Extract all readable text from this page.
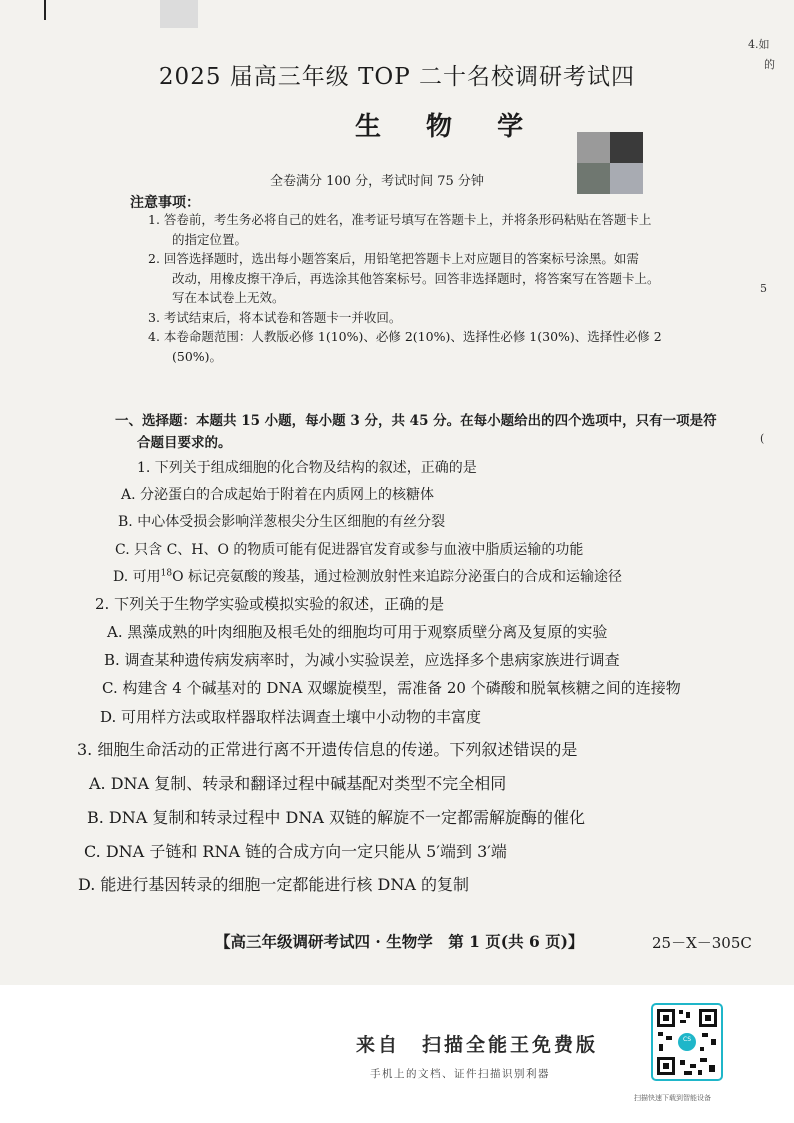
4.如
的
5
(
2025 届高三年级 TOP 二十名校调研考试四
生 物 学
全卷满分 100 分，考试时间 75 分钟
注意事项：

1. 答卷前，考生务必将自己的姓名，准考证号填写在答题卡上，并将条形码粘贴在答题卡上
的指定位置。

2. 回答选择题时，选出每小题答案后，用铅笔把答题卡上对应题目的答案标号涂黑。如需
改动，用橡皮擦干净后，再选涂其他答案标号。回答非选择题时，将答案写在答题卡上。
写在本试卷上无效。

3. 考试结束后，将本试卷和答题卡一并收回。

4. 本卷命题范围：人教版必修 1(10%)、必修 2(10%)、选择性必修 1(30%)、选择性必修 2
(50%)。

一、选择题：本题共 15 小题，每小题 3 分，共 45 分。在每小题给出的四个选项中，只有一项是符
合题目要求的。
1. 下列关于组成细胞的化合物及结构的叙述，正确的是
A. 分泌蛋白的合成起始于附着在内质网上的核糖体
B. 中心体受损会影响洋葱根尖分生区细胞的有丝分裂
C. 只含 C、H、O 的物质可能有促进器官发育或参与血液中脂质运输的功能
D. 可用$^{18}$O 标记亮氨酸的羧基，通过检测放射性来追踪分泌蛋白的合成和运输途径
2. 下列关于生物学实验或模拟实验的叙述，正确的是
A. 黑藻成熟的叶肉细胞及根毛处的细胞均可用于观察质壁分离及复原的实验
B. 调查某种遗传病发病率时，为减小实验误差，应选择多个患病家族进行调查
C. 构建含 4 个碱基对的 DNA 双螺旋模型，需准备 20 个磷酸和脱氧核糖之间的连接物
D. 可用样方法或取样器取样法调查土壤中小动物的丰富度
3. 细胞生命活动的正常进行离不开遗传信息的传递。下列叙述错误的是
A. DNA 复制、转录和翻译过程中碱基配对类型不完全相同
B. DNA 复制和转录过程中 DNA 双链的解旋不一定都需解旋酶的催化
C. DNA 子链和 RNA 链的合成方向一定只能从 5′端到 3′端
D. 能进行基因转录的细胞一定都能进行核 DNA 的复制
【高三年级调研考试四 · 生物学　第 1 页(共 6 页)】	25－X－305C
来自　扫描全能王免费版
手机上的文档、证件扫描识别利器
CS
扫描快速下载到智能设备
